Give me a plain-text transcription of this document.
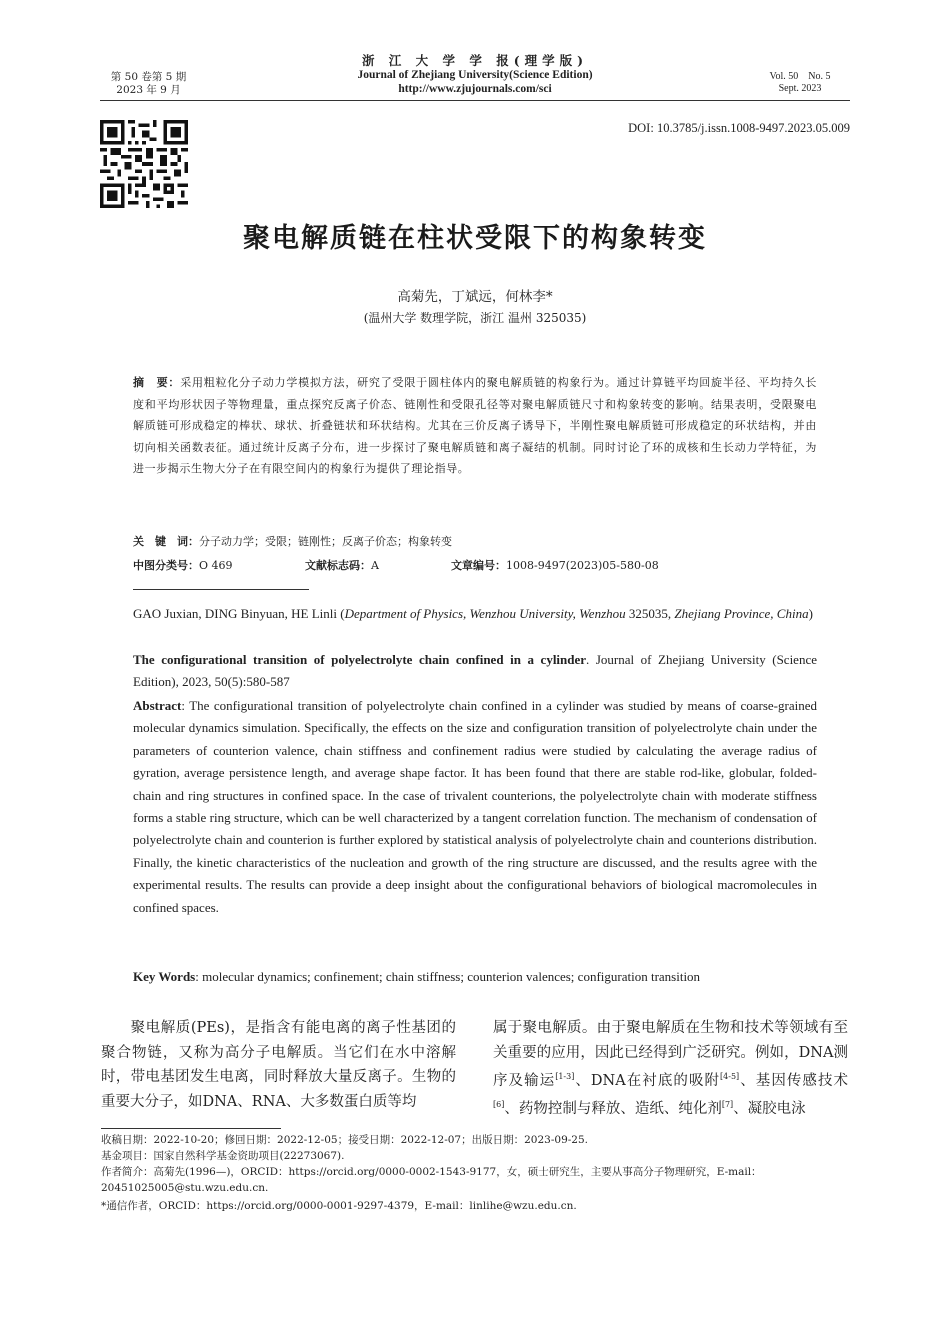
第 50 卷第 5 期
2023 年 9 月
浙 江 大 学 学 报(理学版)
Journal of Zhejiang University(Science Edition)
http://www.zjujournals.com/sci
Vol. 50　No. 5
Sept. 2023
DOI: 10.3785/j.issn.1008-9497.2023.05.009
聚电解质链在柱状受限下的构象转变
高菊先，丁斌远，何林李*
(温州大学 数理学院，浙江 温州 325035)
摘　要：采用粗粒化分子动力学模拟方法，研究了受限于圆柱体内的聚电解质链的构象行为。通过计算链平均回旋半径、平均持久长度和平均形状因子等物理量，重点探究反离子价态、链刚性和受限孔径等对聚电解质链尺寸和构象转变的影响。结果表明，受限聚电解质链可形成稳定的棒状、球状、折叠链状和环状结构。尤其在三价反离子诱导下，半刚性聚电解质链可形成稳定的环状结构，并由切向相关函数表征。通过统计反离子分布，进一步探讨了聚电解质链和离子凝结的机制。同时讨论了环的成核和生长动力学特征，为进一步揭示生物大分子在有限空间内的构象行为提供了理论指导。
关　键　词：分子动力学；受限；链刚性；反离子价态；构象转变
中图分类号：O 469	文献标志码：A	文章编号：1008-9497(2023)05-580-08
GAO Juxian, DING Binyuan, HE Linli (Department of Physics, Wenzhou University, Wenzhou 325035, Zhejiang Province, China)
The configurational transition of polyelectrolyte chain confined in a cylinder. Journal of Zhejiang University (Science Edition), 2023, 50(5):580-587
Abstract: The configurational transition of polyelectrolyte chain confined in a cylinder was studied by means of coarse-grained molecular dynamics simulation. Specifically, the effects on the size and configuration transition of polyelectrolyte chain under the parameters of counterion valence, chain stiffness and confinement radius were studied by calculating the average radius of gyration, average persistence length, and average shape factor. It has been found that there are stable rod-like, globular, folded-chain and ring structures in confined space. In the case of trivalent counterions, the polyelectrolyte chain with moderate stiffness forms a stable ring structure, which can be well characterized by a tangent correlation function. The mechanism of condensation of polyelectrolyte chain and counterion is further explored by statistical analysis of polyelectrolyte chain and counterions distribution. Finally, the kinetic characteristics of the nucleation and growth of the ring structure are discussed, and the results agree with the experimental results. The results can provide a deep insight about the configurational behaviors of biological macromolecules in confined spaces.
Key Words: molecular dynamics; confinement; chain stiffness; counterion valences; configuration transition
聚电解质(PEs)，是指含有能电离的离子性基团的聚合物链，又称为高分子电解质。当它们在水中溶解时，带电基团发生电离，同时释放大量反离子。生物的重要大分子，如DNA、RNA、大多数蛋白质等均
属于聚电解质。由于聚电解质在生物和技术等领域有至关重要的应用，因此已经得到广泛研究。例如，DNA测序及输运[1-3]、DNA在衬底的吸附[4-5]、基因传感技术[6]、药物控制与释放、造纸、纯化剂[7]、凝胶电泳
收稿日期：2022-10-20；修回日期：2022-12-05；接受日期：2022-12-07；出版日期：2023-09-25.
基金项目：国家自然科学基金资助项目(22273067).
作者简介：高菊先(1996—)，ORCID：https://orcid.org/0000-0002-1543-9177，女，硕士研究生，主要从事高分子物理研究，E-mail：20451025005@stu.wzu.edu.cn.
*通信作者，ORCID：https://orcid.org/0000-0001-9297-4379，E-mail：linlihe@wzu.edu.cn.
